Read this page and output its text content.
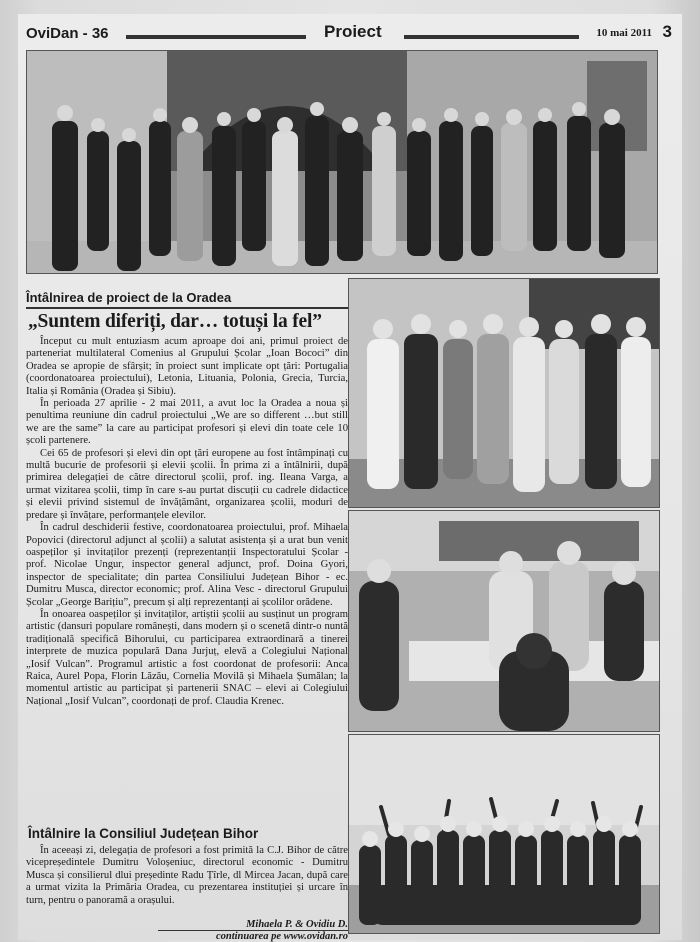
OviDan - 36	Proiect	10 mai 2011 3
Întâlnirea de proiect de la Oradea
„Suntem diferiți, dar… totuși la fel”

Început cu mult entuziasm acum aproape doi ani, primul proiect de parteneriat multilateral Comenius al Grupului Școlar „Ioan Bococi” din Oradea se apropie de sfârșit; în proiect sunt implicate opt țări: Portugalia (coordonatoarea proiectului), Letonia, Lituania, Polonia, Grecia, Turcia, Italia și România (Oradea și Sibiu).

În perioada 27 aprilie - 2 mai 2011, a avut loc la Oradea a noua și penultima reuniune din cadrul proiectului „We are so different …but still we are the same” la care au participat profesori și elevi din toate cele 10 școli partenere.

Cei 65 de profesori și elevi din opt țări europene au fost întâmpinați cu multă bucurie de profesorii și elevii școlii. În prima zi a întâlnirii, după primirea delegației de către directorul școlii, prof. ing. Ileana Varga, a urmat vizitarea școlii, timp în care s-au purtat discuții cu cadrele didactice și elevii privind sistemul de învățământ, organizarea școlii, moduri de predare și învățare, performanțele elevilor.

În cadrul deschiderii festive, coordonatoarea proiectului, prof. Mihaela Popovici (directorul adjunct al școlii) a salutat asistența și a urat bun venit oaspeților și invitaților prezenți (reprezentanții Inspectoratului Școlar - prof. Nicolae Ungur, inspector general adjunct, prof. Doina Gyori, inspector de specialitate; din partea Consiliului Județean Bihor - ec. Dumitru Musca, director economic; prof. Alina Vesc - directorul Grupului Școlar „George Barițiu”, precum și alți reprezentanți ai școlilor orădene.

În onoarea oaspeților și invitaților, artiștii școlii au susținut un program artistic (dansuri populare românești, dans modern și o scenetă dintr-o nuntă tradițională specifică Bihorului, cu participarea extraordinară a tinerei interprete de muzica populară Dana Jurjuț, elevă a Colegiului Național „Iosif Vulcan”. Programul artistic a fost coordonat de profesorii: Anca Raica, Aurel Popa, Florin Lăzău, Cornelia Movilă și Mihaela Șumălan; la momentul artistic au participat și partenerii SNAC – elevi ai Colegiului Național „Iosif Vulcan”, coordonați de prof. Claudia Krenec.

Întâlnire la Consiliul Județean Bihor

În aceeași zi, delegația de profesori a fost primită la C.J. Bihor de către vicepreședintele Dumitru Voloșeniuc, directorul economic - Dumitru Musca și consilierul dlui președinte Radu Țîrle, dl Mircea Jacan, după care a urmat vizita la Primăria Oradea, cu prezentarea instituției și urcare în turn, pentru o panoramă a orașului.

Mihaela P. & Ovidiu D.
continuarea pe www.ovidan.ro
